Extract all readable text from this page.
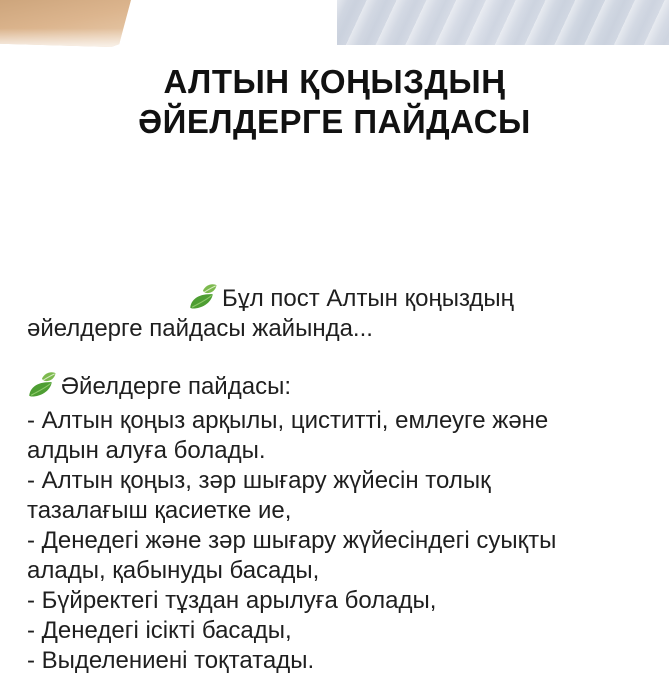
АЛТЫН ҚОҢЫЗДЫҢ
ӘЙЕЛДЕРГЕ ПАЙДАСЫ
Бұл пост Алтын қоңыздың
әйелдерге пайдасы жайында...
Әйелдерге пайдасы:
- Алтын қоңыз арқылы, циститті, емлеуге және
алдын алуға болады.
- Алтын қоңыз, зәр шығару жүйесін толық
тазалағыш қасиетке ие,
- Денедегі және зәр шығару жүйесіндегі суықты
алады, қабынуды басады,
- Бүйректегі тұздан арылуға болады,
- Денедегі ісікті басады,
- Выделениені тоқтатады.
